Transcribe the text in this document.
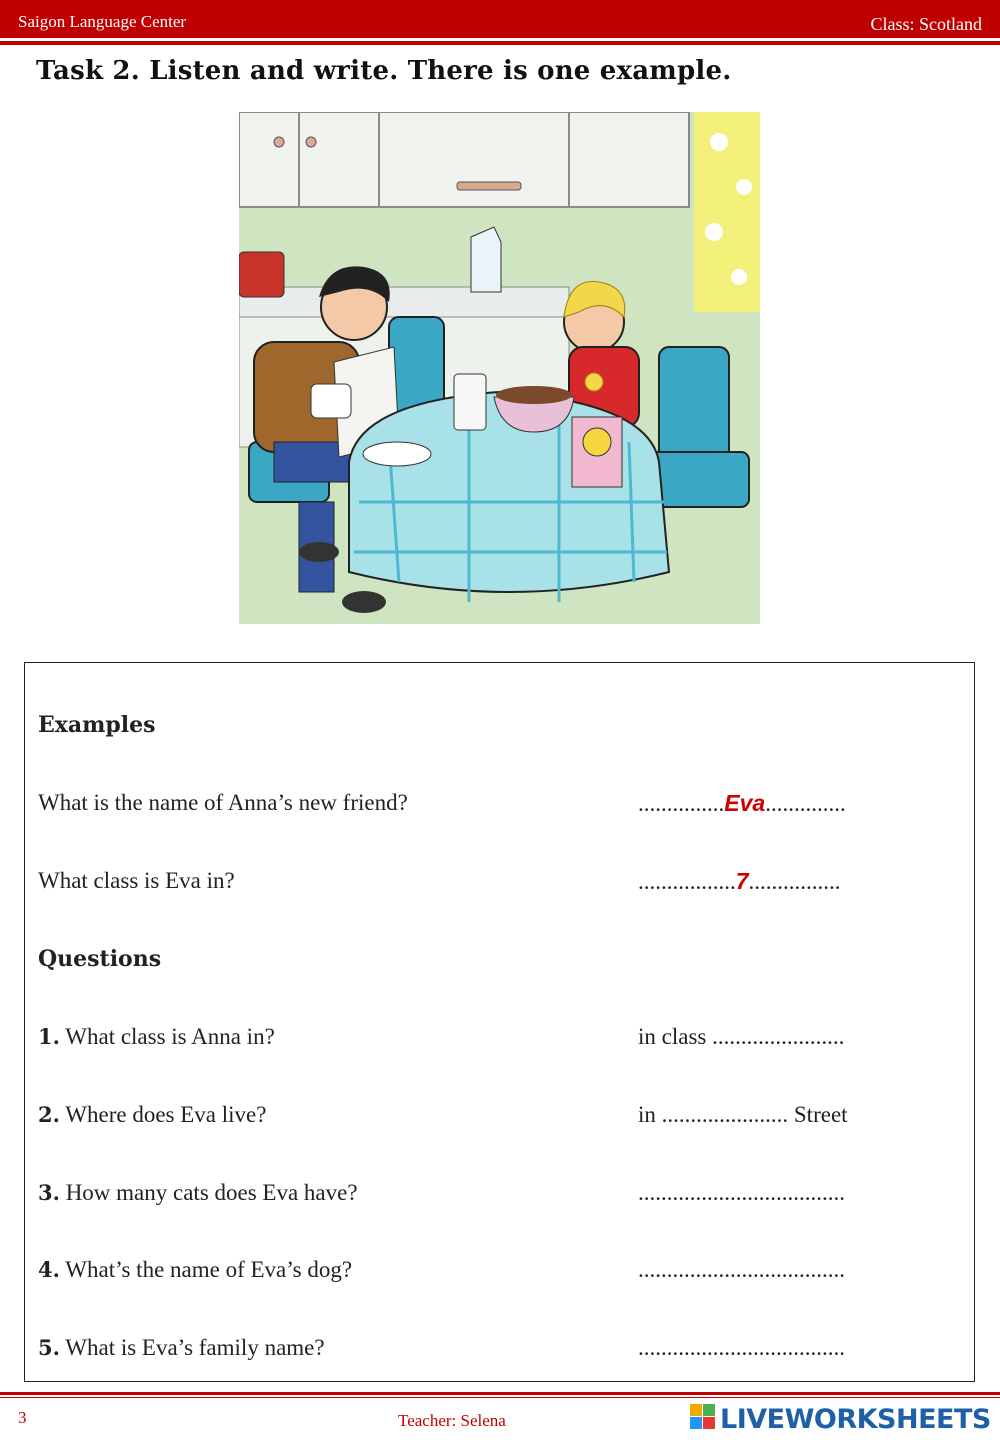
Saigon Language Center	Class: Scotland
Task 2. Listen and write. There is one example.
Examples
What is the name of Anna’s new friend?	...............Eva..............
What class is Eva in?	.................7................
Questions
1. What class is Anna in?	in class .......................
2. Where does Eva live?	in ...................... Street
3. How many cats does Eva have?	....................................
4. What’s the name of Eva’s dog?	....................................
5. What is Eva’s family name?	....................................
3	Teacher: Selena	LIVEWORKSHEETS
